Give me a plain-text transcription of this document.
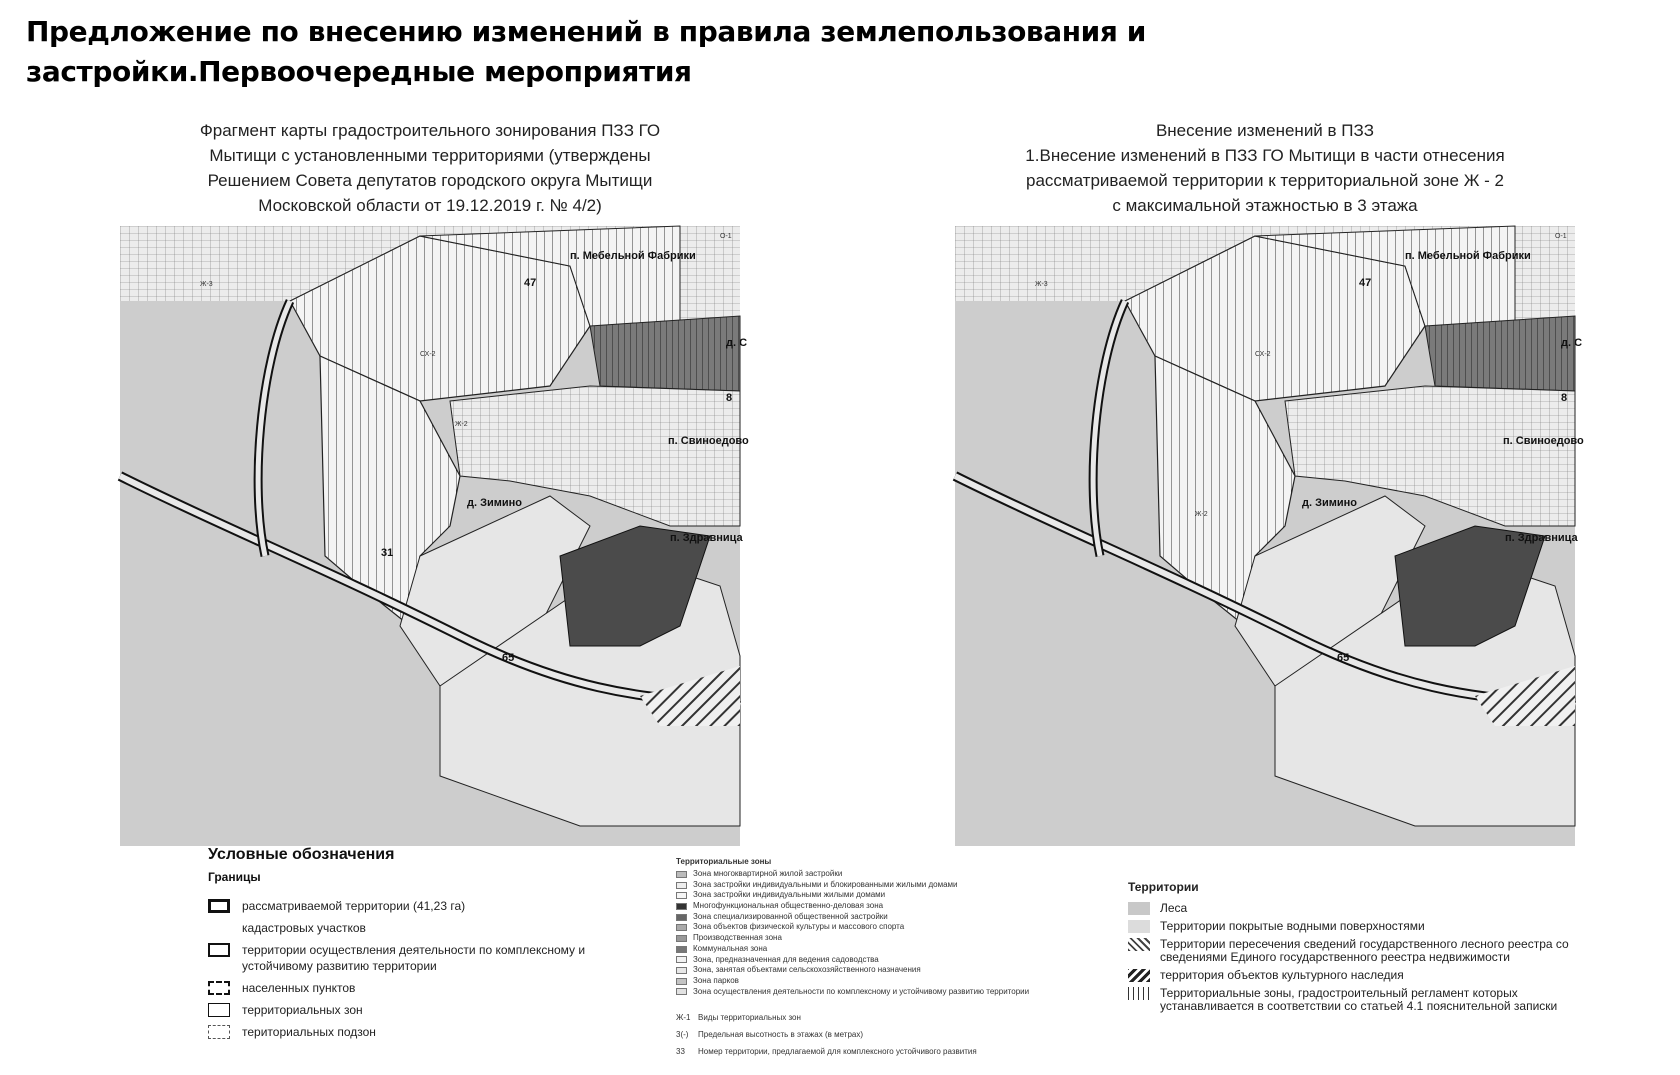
Предложение по внесению изменений в правила землепользования и застройки.Первоочередные мероприятия
Фрагмент карты градостроительного зонирования ПЗЗ ГО
Мытищи с установленными территориями (утверждены
Решением Совета депутатов городского округа Мытищи
Московской области от 19.12.2019 г. № 4/2)
Внесение изменений в ПЗЗ
1.Внесение изменений в ПЗЗ ГО Мытищи в части отнесения
рассматриваемой территории к территориальной зоне Ж - 2
с максимальной этажностью в 3 этажа
п. Мебельной Фабрики
47
д. С
8
п. Свиноедово
д. Зимино
п. Здравница
31
65
СХ-2
Ж-2
Ж-3
О-1
п. Мебельной Фабрики
47
д. С
8
п. Свиноедово
д. Зимино
п. Здравница
65
СХ-2
Ж-2
Ж-3
О-1
Условные обозначения
Границы
рассматриваемой территории (41,23 га)
кадастровых участков
территории осуществления деятельности по комплексному и устойчивому развитию территории
населенных пунктов
территориальных зон
териториальных подзон
Территориальные зоны
Зона многоквартирной жилой застройки
Зона застройки индивидуальными и блокированными жилыми домами
Зона застройки индивидуальными жилыми домами
Многофункциональная общественно-деловая зона
Зона специализированной общественной застройки
Зона объектов физической культуры и массового спорта
Производственная зона
Коммунальная зона
Зона, предназначенная для ведения садоводства
Зона, занятая объектами сельскохозяйственного назначения
Зона парков
Зона осуществления деятельности по комплексному и устойчивому развитию территории
Ж-1 Виды территориальных зон
3(-)	Предельная высотность в этажах (в метрах)
33	Номер территории, предлагаемой для комплексного устойчивого развития
Территории
Леса
Территории покрытые водными поверхностями
Территории пересечения сведений государственного лесного реестра со сведениями Единого государственного реестра недвижимости
территория объектов культурного наследия
Территориальные зоны, градостроительный регламент которых устанавливается в соответствии со статьей 4.1 пояснительной записки
